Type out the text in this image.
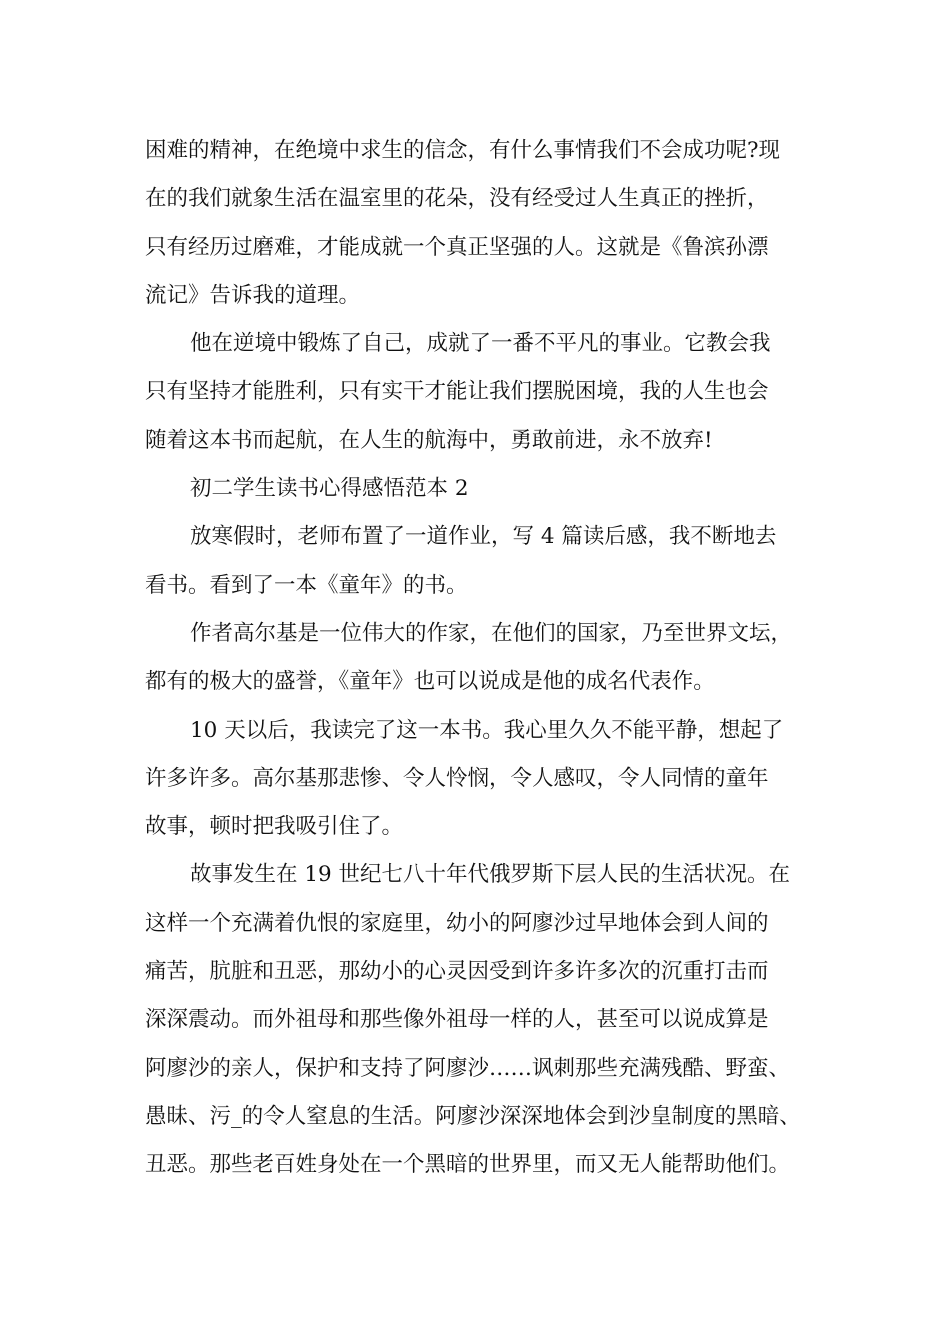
困难的精神，在绝境中求生的信念，有什么事情我们不会成功呢?现
在的我们就象生活在温室里的花朵，没有经受过人生真正的挫折，
只有经历过磨难，才能成就一个真正坚强的人。这就是《鲁滨孙漂
流记》告诉我的道理。
他在逆境中锻炼了自己，成就了一番不平凡的事业。它教会我
只有坚持才能胜利，只有实干才能让我们摆脱困境，我的人生也会
随着这本书而起航，在人生的航海中，勇敢前进，永不放弃!
初二学生读书心得感悟范本 2
放寒假时，老师布置了一道作业，写 4 篇读后感，我不断地去
看书。看到了一本《童年》的书。
作者高尔基是一位伟大的作家，在他们的国家，乃至世界文坛，
都有的极大的盛誉，《童年》也可以说成是他的成名代表作。
10 天以后，我读完了这一本书。我心里久久不能平静，想起了
许多许多。高尔基那悲惨、令人怜悯，令人感叹，令人同情的童年
故事，顿时把我吸引住了。
故事发生在 19 世纪七八十年代俄罗斯下层人民的生活状况。在
这样一个充满着仇恨的家庭里，幼小的阿廖沙过早地体会到人间的
痛苦，肮脏和丑恶，那幼小的心灵因受到许多许多次的沉重打击而
深深震动。而外祖母和那些像外祖母一样的人，甚至可以说成算是
阿廖沙的亲人，保护和支持了阿廖沙……讽刺那些充满残酷、野蛮、
愚昧、污_的令人窒息的生活。阿廖沙深深地体会到沙皇制度的黑暗、
丑恶。那些老百姓身处在一个黑暗的世界里，而又无人能帮助他们。
